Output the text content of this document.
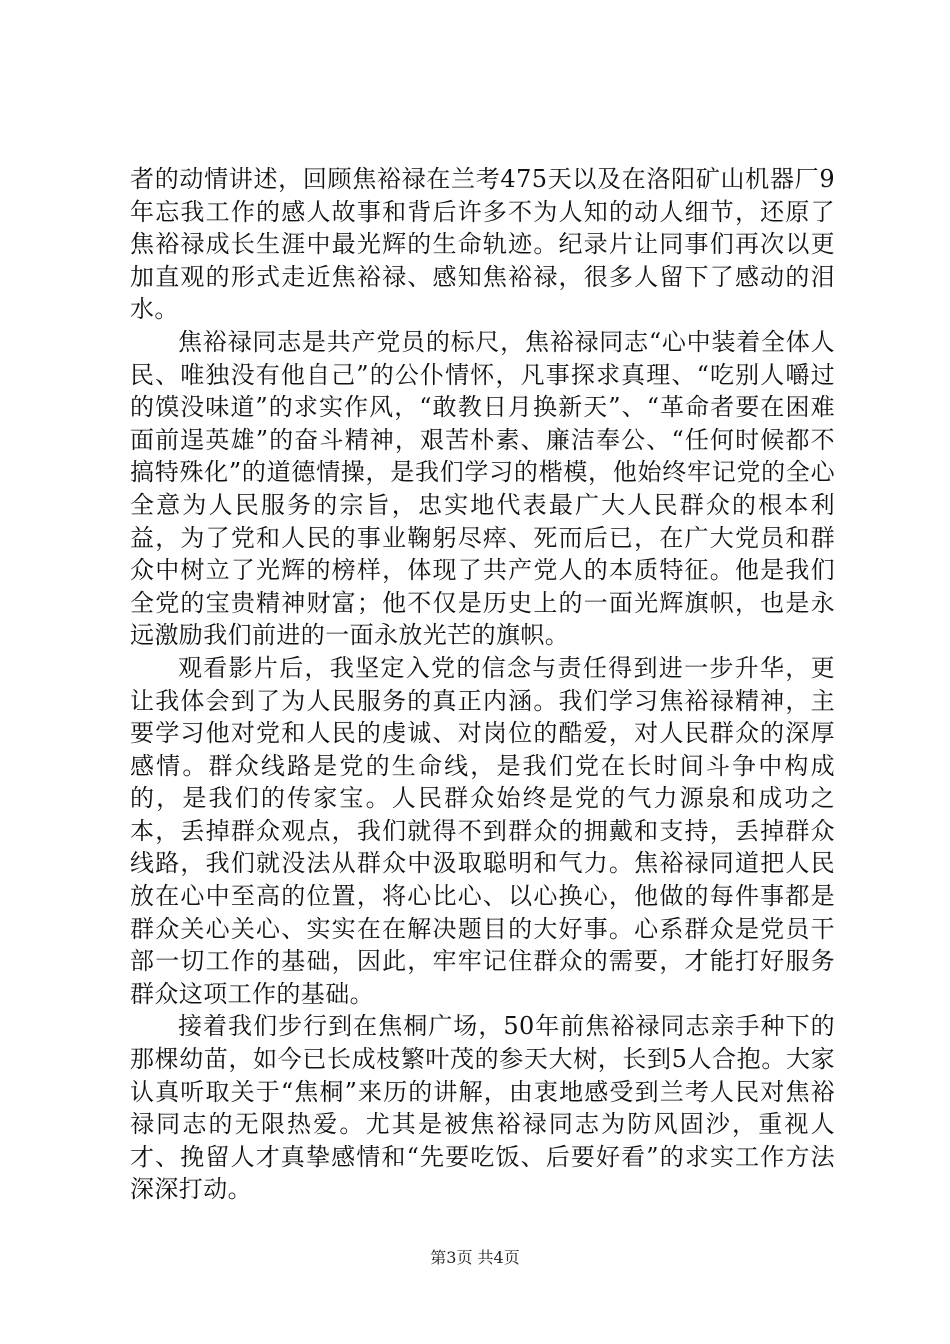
者的动情讲述，回顾焦裕禄在兰考475天以及在洛阳矿山机器厂9年忘我工作的感人故事和背后许多不为人知的动人细节，还原了焦裕禄成长生涯中最光辉的生命轨迹。纪录片让同事们再次以更加直观的形式走近焦裕禄、感知焦裕禄，很多人留下了感动的泪水。

焦裕禄同志是共产党员的标尺，焦裕禄同志“心中装着全体人民、唯独没有他自己”的公仆情怀，凡事探求真理、“吃别人嚼过的馍没味道”的求实作风，“敢教日月换新天”、“革命者要在困难面前逞英雄”的奋斗精神，艰苦朴素、廉洁奉公、“任何时候都不搞特殊化”的道德情操，是我们学习的楷模，他始终牢记党的全心全意为人民服务的宗旨，忠实地代表最广大人民群众的根本利益，为了党和人民的事业鞠躬尽瘁、死而后已，在广大党员和群众中树立了光辉的榜样，体现了共产党人的本质特征。他是我们全党的宝贵精神财富；他不仅是历史上的一面光辉旗帜，也是永远激励我们前进的一面永放光芒的旗帜。

观看影片后，我坚定入党的信念与责任得到进一步升华，更让我体会到了为人民服务的真正内涵。我们学习焦裕禄精神，主要学习他对党和人民的虔诚、对岗位的酷爱，对人民群众的深厚感情。群众线路是党的生命线，是我们党在长时间斗争中构成的，是我们的传家宝。人民群众始终是党的气力源泉和成功之本，丢掉群众观点，我们就得不到群众的拥戴和支持，丢掉群众线路，我们就没法从群众中汲取聪明和气力。焦裕禄同道把人民放在心中至高的位置，将心比心、以心换心，他做的每件事都是群众关心关心、实实在在解决题目的大好事。心系群众是党员干部一切工作的基础，因此，牢牢记住群众的需要，才能打好服务群众这项工作的基础。

接着我们步行到在焦桐广场，50年前焦裕禄同志亲手种下的那棵幼苗，如今已长成枝繁叶茂的参天大树，长到5人合抱。大家认真听取关于“焦桐”来历的讲解，由衷地感受到兰考人民对焦裕禄同志的无限热爱。尤其是被焦裕禄同志为防风固沙，重视人才、挽留人才真挚感情和“先要吃饭、后要好看”的求实工作方法深深打动。

第3页 共4页
